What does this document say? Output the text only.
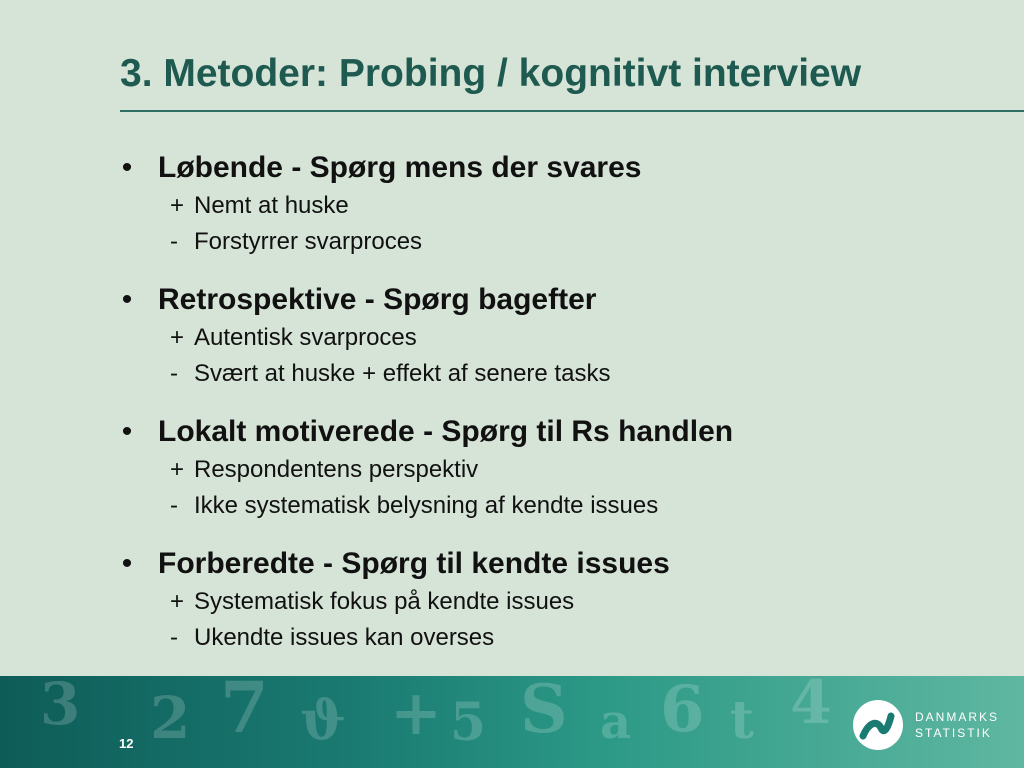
3. Metoder: Probing / kognitivt interview
• Løbende - Spørg mens der svares
+ Nemt at huske
- Forstyrrer svarproces
• Retrospektive - Spørg bagefter
+ Autentisk svarproces
- Svært at huske + effekt af senere tasks
• Lokalt motiverede - Spørg til Rs handlen
+ Respondentens perspektiv
- Ikke systematisk belysning af kendte issues
• Forberedte - Spørg til kendte issues
+ Systematisk fokus på kendte issues
- Ukendte issues kan overses
2 7 ϑ + 5 S a 6 t 4
3
12
DANMARKS
STATISTIK
